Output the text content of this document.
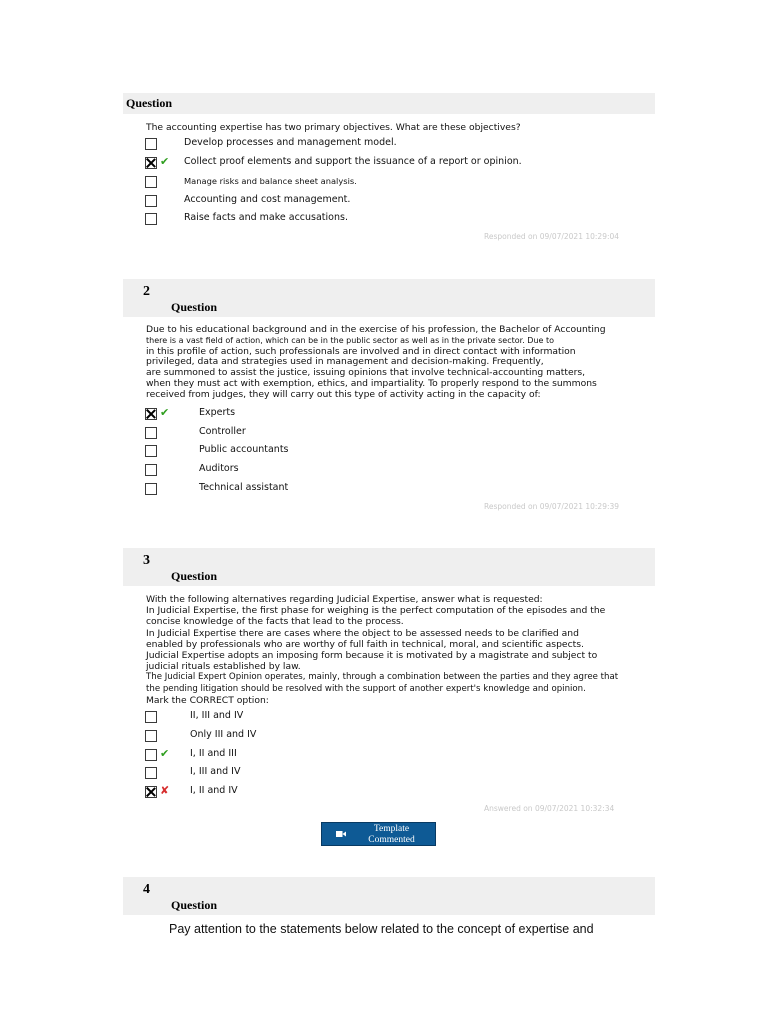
Question
The accounting expertise has two primary objectives. What are these objectives?
Develop processes and management model.
✔ Collect proof elements and support the issuance of a report or opinion.
Manage risks and balance sheet analysis.
Accounting and cost management.
Raise facts and make accusations.
Responded on 09/07/2021 10:29:04
2
Question
Due to his educational background and in the exercise of his profession, the Bachelor of Accounting
there is a vast field of action, which can be in the public sector as well as in the private sector. Due to
in this profile of action, such professionals are involved and in direct contact with information
privileged, data and strategies used in management and decision-making. Frequently,
are summoned to assist the justice, issuing opinions that involve technical-accounting matters,
when they must act with exemption, ethics, and impartiality. To properly respond to the summons
received from judges, they will carry out this type of activity acting in the capacity of:
✔	Experts
Controller
Public accountants
Auditors
Technical assistant
Responded on 09/07/2021 10:29:39
3
Question
With the following alternatives regarding Judicial Expertise, answer what is requested:
In Judicial Expertise, the first phase for weighing is the perfect computation of the episodes and the
concise knowledge of the facts that lead to the process.
In Judicial Expertise there are cases where the object to be assessed needs to be clarified and
enabled by professionals who are worthy of full faith in technical, moral, and scientific aspects.
Judicial Expertise adopts an imposing form because it is motivated by a magistrate and subject to
judicial rituals established by law.
The Judicial Expert Opinion operates, mainly, through a combination between the parties and they agree that
the pending litigation should be resolved with the support of another expert's knowledge and opinion.
Mark the CORRECT option:
II, III and IV
Only III and IV
✔ I, II and III
I, III and IV
✘ I, II and IV
Answered on 09/07/2021 10:32:34
Template
Commented
4
Question
Pay attention to the statements below related to the concept of expertise and
